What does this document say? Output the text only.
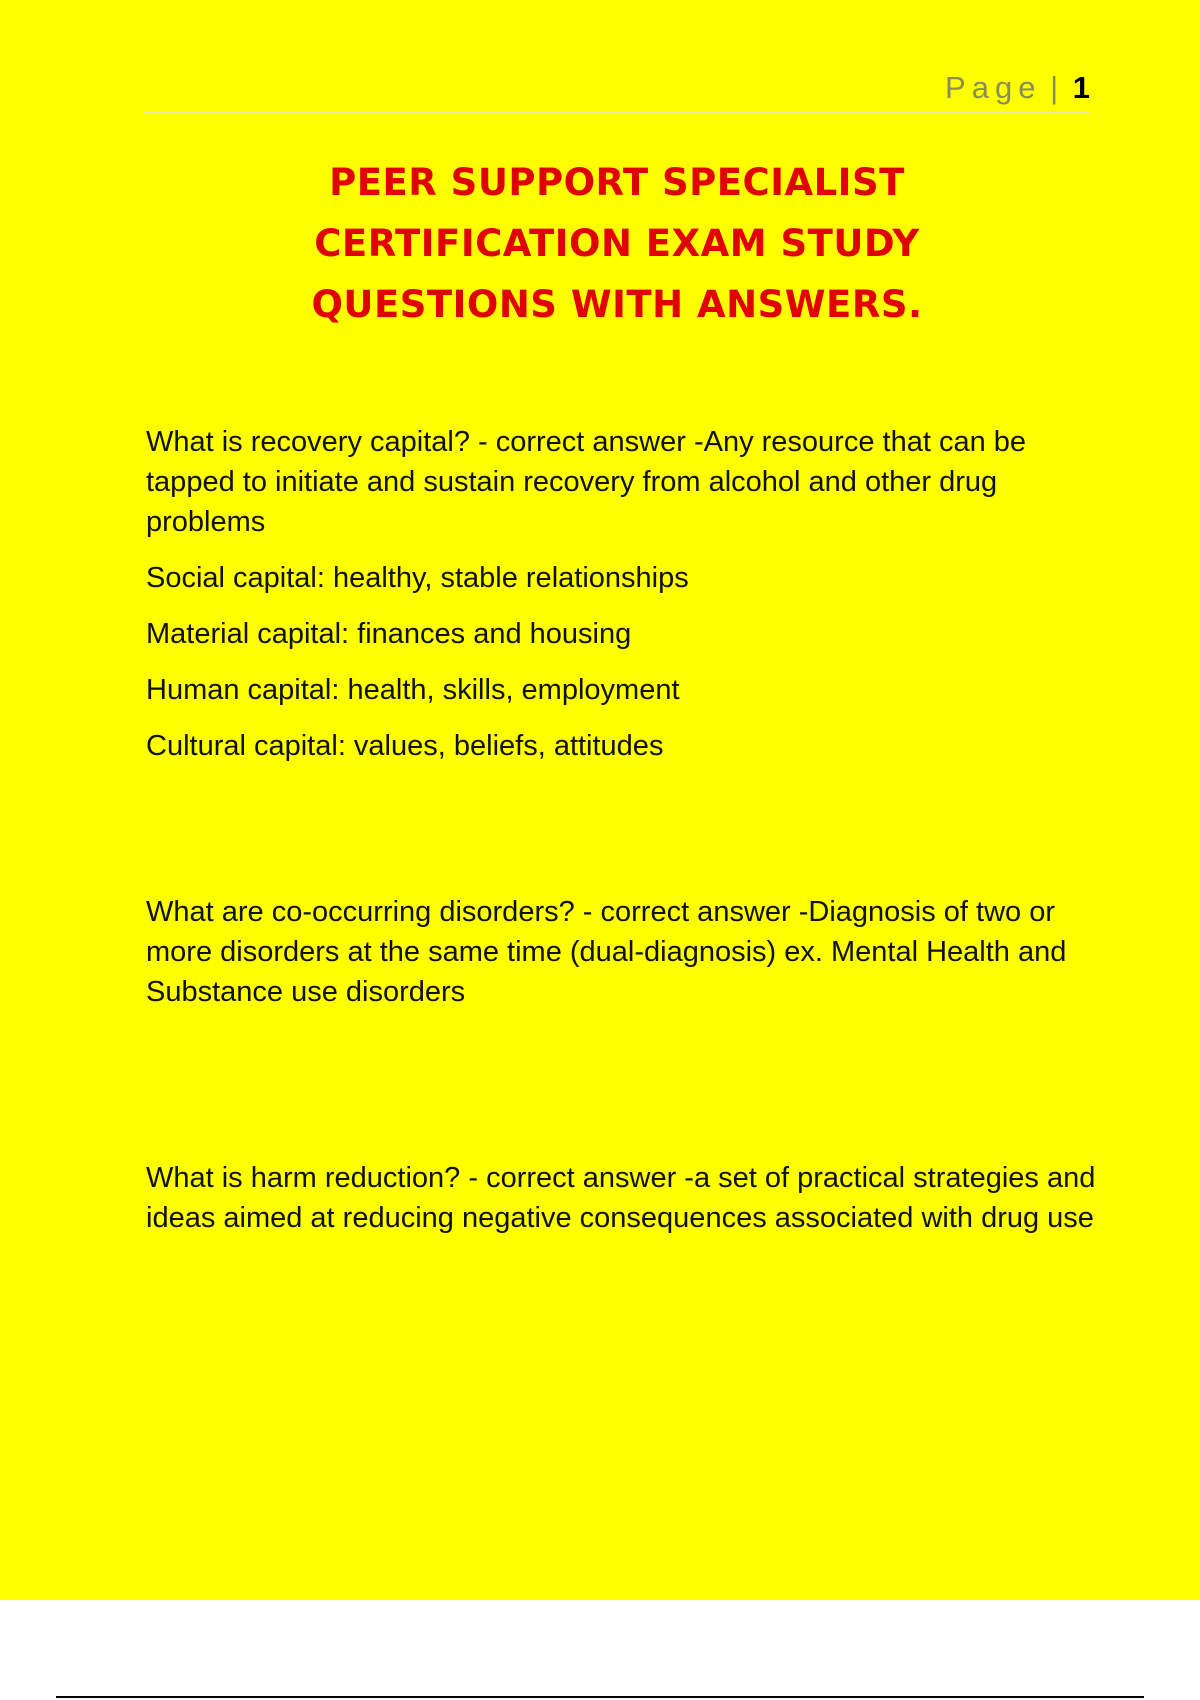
Page | 1
PEER SUPPORT SPECIALIST
CERTIFICATION EXAM STUDY
QUESTIONS WITH ANSWERS.

What is recovery capital? - correct answer -Any resource that can be tapped to initiate and sustain recovery from alcohol and other drug problems

Social capital: healthy, stable relationships

Material capital: finances and housing

Human capital: health, skills, employment

Cultural capital: values, beliefs, attitudes

What are co-occurring disorders? - correct answer -Diagnosis of two or more disorders at the same time (dual-diagnosis) ex. Mental Health and Substance use disorders

What is harm reduction? - correct answer -a set of practical strategies and ideas aimed at reducing negative consequences associated with drug use
